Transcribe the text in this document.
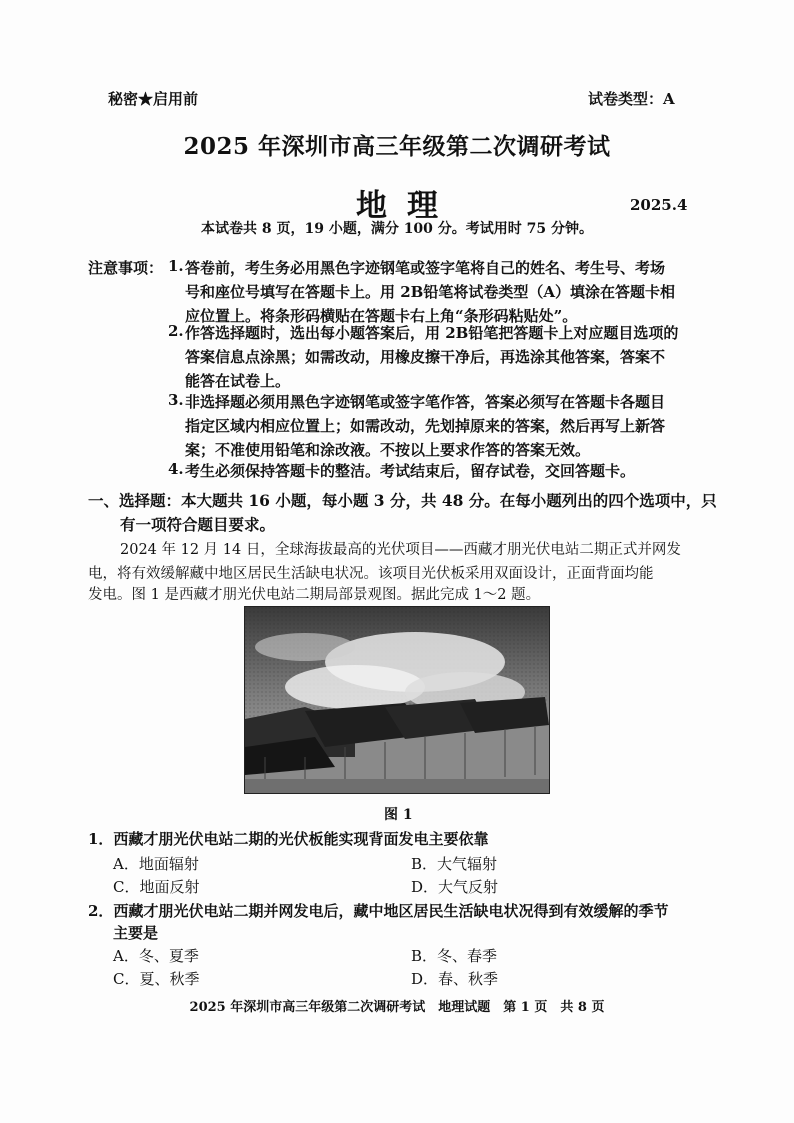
秘密★启用前	试卷类型：A
2025 年深圳市高三年级第二次调研考试
地理	2025.4
本试卷共 8 页，19 小题，满分 100 分。考试用时 75 分钟。
注意事项： 1. 答卷前，考生务必用黑色字迹钢笔或签字笔将自己的姓名、考生号、考场
号和座位号填写在答题卡上。用 2B铅笔将试卷类型（A）填涂在答题卡相
应位置上。将条形码横贴在答题卡右上角“条形码粘贴处”。
2. 作答选择题时，选出每小题答案后，用 2B铅笔把答题卡上对应题目选项的
答案信息点涂黑；如需改动，用橡皮擦干净后，再选涂其他答案，答案不
能答在试卷上。
3. 非选择题必须用黑色字迹钢笔或签字笔作答，答案必须写在答题卡各题目
指定区域内相应位置上；如需改动，先划掉原来的答案，然后再写上新答
案；不准使用铅笔和涂改液。不按以上要求作答的答案无效。
4. 考生必须保持答题卡的整洁。考试结束后，留存试卷，交回答题卡。
一、选择题：本大题共 16 小题，每小题 3 分，共 48 分。在每小题列出的四个选项中，只
有一项符合题目要求。
2024 年 12 月 14 日，全球海拔最高的光伏项目——西藏才朋光伏电站二期正式并网发
电，将有效缓解藏中地区居民生活缺电状况。该项目光伏板采用双面设计，正面背面均能
发电。图 1 是西藏才朋光伏电站二期局部景观图。据此完成 1～2 题。
图 1
1．西藏才朋光伏电站二期的光伏板能实现背面发电主要依靠
A．地面辐射	B．大气辐射
C．地面反射	D．大气反射
2．西藏才朋光伏电站二期并网发电后，藏中地区居民生活缺电状况得到有效缓解的季节
主要是
A．冬、夏季	B．冬、春季
C．夏、秋季	D．春、秋季
2025 年深圳市高三年级第二次调研考试　地理试题　第 1 页　共 8 页
